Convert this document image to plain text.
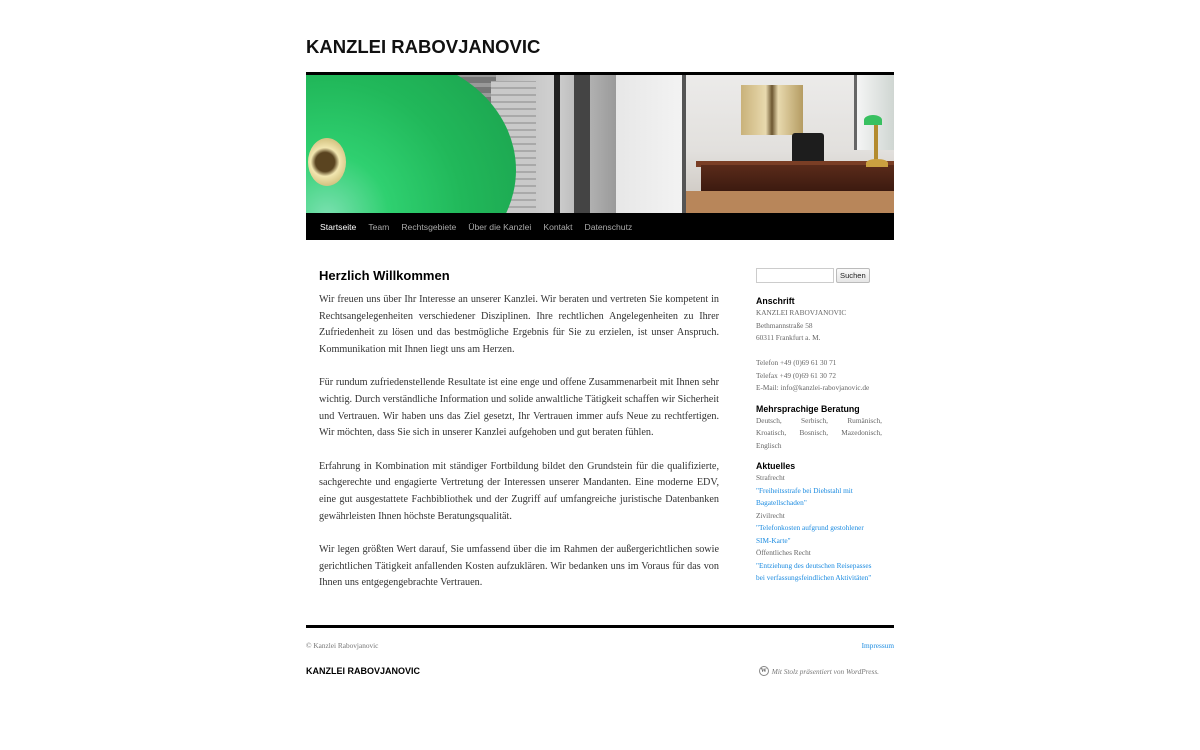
KANZLEI RABOVJANOVIC
Startseite	Team	Rechtsgebiete	Über die Kanzlei	Kontakt	Datenschutz
Herzlich Willkommen

Wir freuen uns über Ihr Interesse an unserer Kanzlei. Wir beraten und vertreten Sie kompetent in Rechtsangelegenheiten verschiedener Disziplinen. Ihre rechtlichen Angelegenheiten zu Ihrer Zufriedenheit zu lösen und das bestmögliche Ergebnis für Sie zu erzielen, ist unser Anspruch. Kommunikation mit Ihnen liegt uns am Herzen.

Für rundum zufriedenstellende Resultate ist eine enge und offene Zusammenarbeit mit Ihnen sehr wichtig. Durch verständliche Information und solide anwaltliche Tätigkeit schaffen wir Sicherheit und Vertrauen. Wir haben uns das Ziel gesetzt, Ihr Vertrauen immer aufs Neue zu rechtfertigen. Wir möchten, dass Sie sich in unserer Kanzlei aufgehoben und gut beraten fühlen.

Erfahrung in Kombination mit ständiger Fortbildung bildet den Grundstein für die qualifizierte, sachgerechte und engagierte Vertretung der Interessen unserer Mandanten. Eine moderne EDV, eine gut ausgestattete Fachbibliothek und der Zugriff auf umfangreiche juristische Datenbanken gewährleisten Ihnen höchste Beratungsqualität.

Wir legen größten Wert darauf, Sie umfassend über die im Rahmen der außergerichtlichen sowie gerichtlichen Tätigkeit anfallenden Kosten aufzuklären. Wir bedanken uns im Voraus für das von Ihnen uns entgegengebrachte Vertrauen.

Suchen
Anschrift
KANZLEI RABOVJANOVIC
Bethmannstraße 58
60311 Frankfurt a. M.
Telefon +49 (0)69 61 30 71
Telefax +49 (0)69 61 30 72
E-Mail: info@kanzlei-rabovjanovic.de
Mehrsprachige Beratung
Deutsch,	Serbisch,	Rumänisch,
Kroatisch, Bosnisch, Mazedonisch,
Englisch
Aktuelles
Strafrecht
"Freiheitsstrafe bei Diebstahl mit
Bagatellschaden"
Zivilrecht
"Telefonkosten aufgrund gestohlener
SIM-Karte"
Öffentliches Recht
"Entziehung des deutschen Reisepasses
bei verfassungsfeindlichen Aktivitäten"
© Kanzlei Rabovjanovic	Impressum
KANZLEI RABOVJANOVIC	W Mit Stolz präsentiert von WordPress.
